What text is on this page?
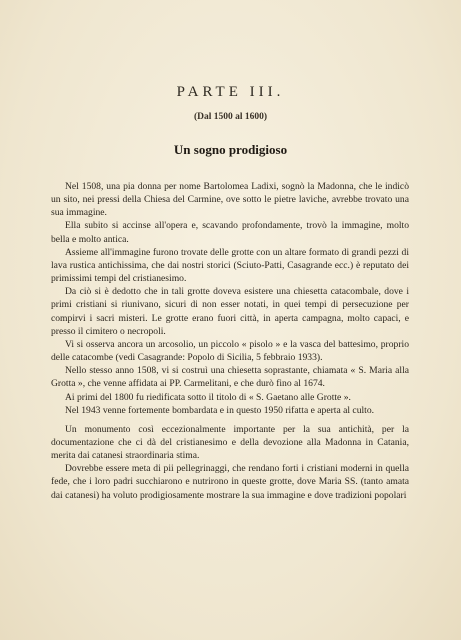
PARTE III.
(Dal 1500 al 1600)
Un sogno prodigioso

Nel 1508, una pia donna per nome Bartolomea Ladixi, sognò la Madonna, che le indicò un sito, nei pressi della Chiesa del Carmine, ove sotto le pietre laviche, avrebbe trovato una sua immagine.

Ella subito si accinse all'opera e, scavando profondamente, trovò la immagine, molto bella e molto antica.

Assieme all'immagine furono trovate delle grotte con un altare formato di grandi pezzi di lava rustica antichissima, che dai nostri storici (Sciuto-Patti, Casagrande ecc.) è reputato dei primissimi tempi del cristianesimo.

Da ciò si è dedotto che in tali grotte doveva esistere una chiesetta catacombale, dove i primi cristiani si riunivano, sicuri di non esser notati, in quei tempi di persecuzione per compirvi i sacri misteri. Le grotte erano fuori città, in aperta campagna, molto capaci, e presso il cimitero o necropoli.

Vi si osserva ancora un arcosolio, un piccolo « pisolo » e la vasca del battesimo, proprio delle catacombe (vedi Casagrande: Popolo di Sicilia, 5 febbraio 1933).

Nello stesso anno 1508, vi si costruì una chiesetta soprastante, chiamata « S. Maria alla Grotta », che venne affidata ai PP. Carmelitani, e che durò fino al 1674.

Ai primi del 1800 fu riedificata sotto il titolo di « S. Gaetano alle Grotte ».

Nel 1943 venne fortemente bombardata e in questo 1950 rifatta e aperta al culto.

Un monumento così eccezionalmente importante per la sua antichità, per la documentazione che ci dà del cristianesimo e della devozione alla Madonna in Catania, merita dai catanesi straordinaria stima.

Dovrebbe essere meta di pii pellegrinaggi, che rendano forti i cristiani moderni in quella fede, che i loro padri succhiarono e nutrirono in queste grotte, dove Maria SS. (tanto amata dai catanesi) ha voluto prodigiosamente mostrare la sua immagine e dove tradizioni popolari
